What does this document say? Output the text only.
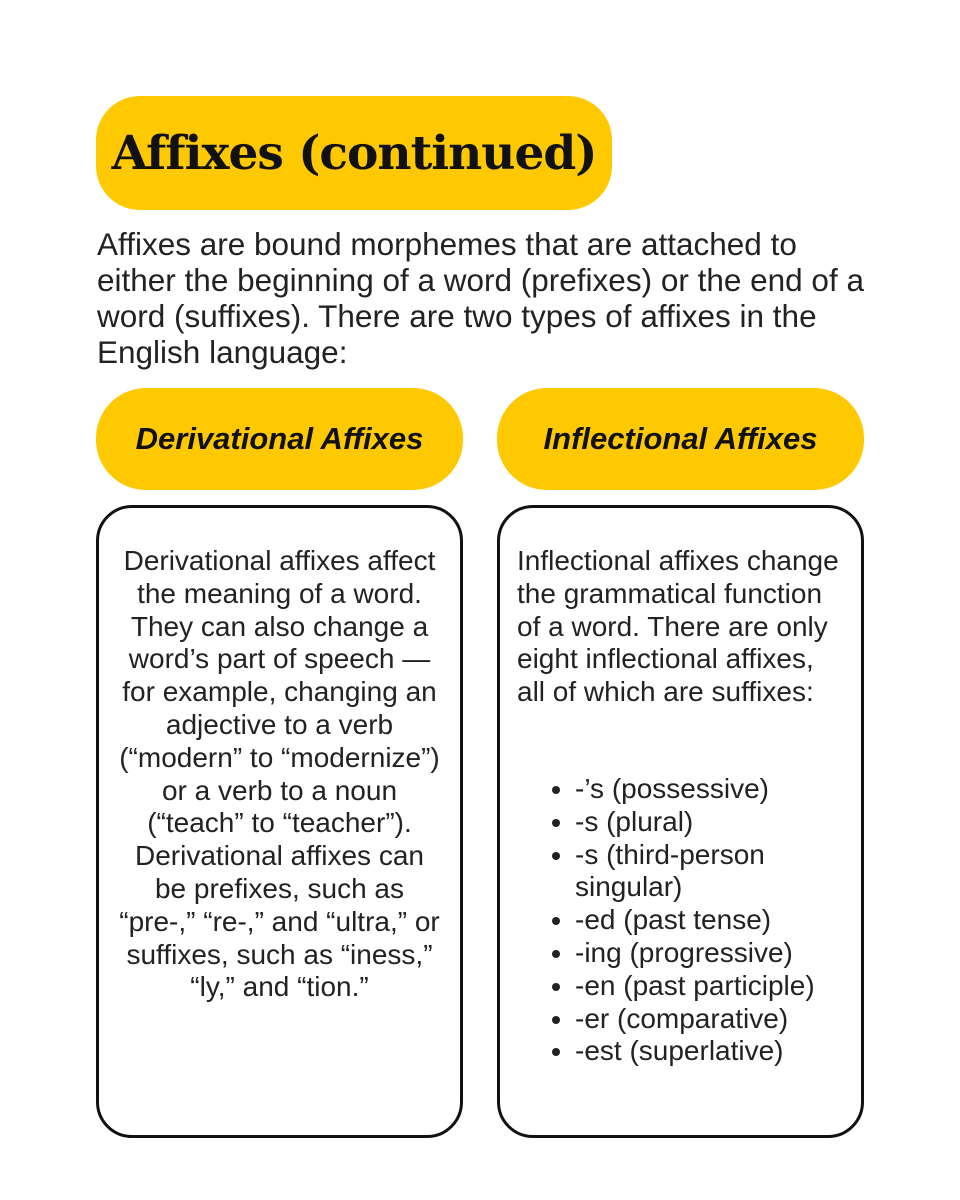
Affixes (continued)

Affixes are bound morphemes that are attached to either the beginning of a word (prefixes) or the end of a word (suffixes). There are two types of affixes in the English language:

Derivational Affixes	Inflectional Affixes

Derivational affixes affect the meaning of a word. They can also change a word’s part of speech — for example, changing an adjective to a verb (“modern” to “modernize”) or a verb to a noun (“teach” to “teacher”). Derivational affixes can be prefixes, such as “pre-,” “re-,” and “ultra,” or suffixes, such as “iness,” “ly,” and “tion.”

Inflectional affixes change the grammatical function of a word. There are only eight inflectional affixes, all of which are suffixes:

• -’s (possessive)
• -s (plural)
• -s (third-person singular)
• -ed (past tense)
• -ing (progressive)
• -en (past participle)
• -er (comparative)
• -est (superlative)
